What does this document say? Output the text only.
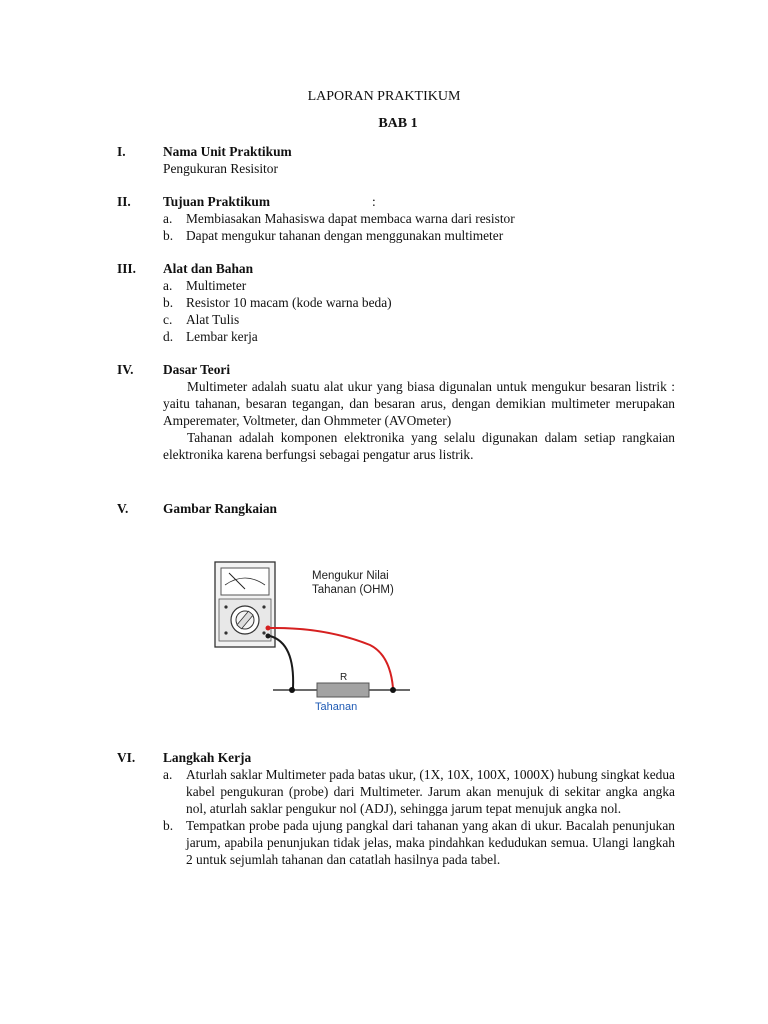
LAPORAN PRAKTIKUM
BAB 1
I.	Nama Unit Praktikum
Pengukuran Resisitor
II. Tujuan Praktikum	:
a. Membiasakan Mahasiswa dapat membaca warna dari resistor
b. Dapat mengukur tahanan dengan menggunakan multimeter
III. Alat dan Bahan
a. Multimeter
b. Resistor 10 macam (kode warna beda)
c. Alat Tulis
d. Lembar kerja
IV. Dasar Teori
Multimeter adalah suatu alat ukur yang biasa digunalan untuk mengukur besaran listrik : yaitu tahanan, besaran tegangan, dan besaran arus, dengan demikian multimeter merupakan Amperemater, Voltmeter, dan Ohmmeter (AVOmeter)
Tahanan adalah komponen elektronika yang selalu digunakan dalam setiap rangkaian elektronika karena berfungsi sebagai pengatur arus listrik.
V.	Gambar Rangkaian
R
Tahanan
Mengukur Nilai
Tahanan (OHM)
VI. Langkah Kerja
a. Aturlah saklar Multimeter pada batas ukur, (1X, 10X, 100X, 1000X) hubung singkat kedua kabel pengukuran (probe) dari Multimeter. Jarum akan menujuk di sekitar angka angka nol, aturlah saklar pengukur nol (ADJ), sehingga jarum tepat menujuk angka nol.
b. Tempatkan probe pada ujung pangkal dari tahanan yang akan di ukur. Bacalah penunjukan jarum, apabila penunjukan tidak jelas, maka pindahkan kedudukan semua. Ulangi langkah 2 untuk sejumlah tahanan dan catatlah hasilnya pada tabel.
